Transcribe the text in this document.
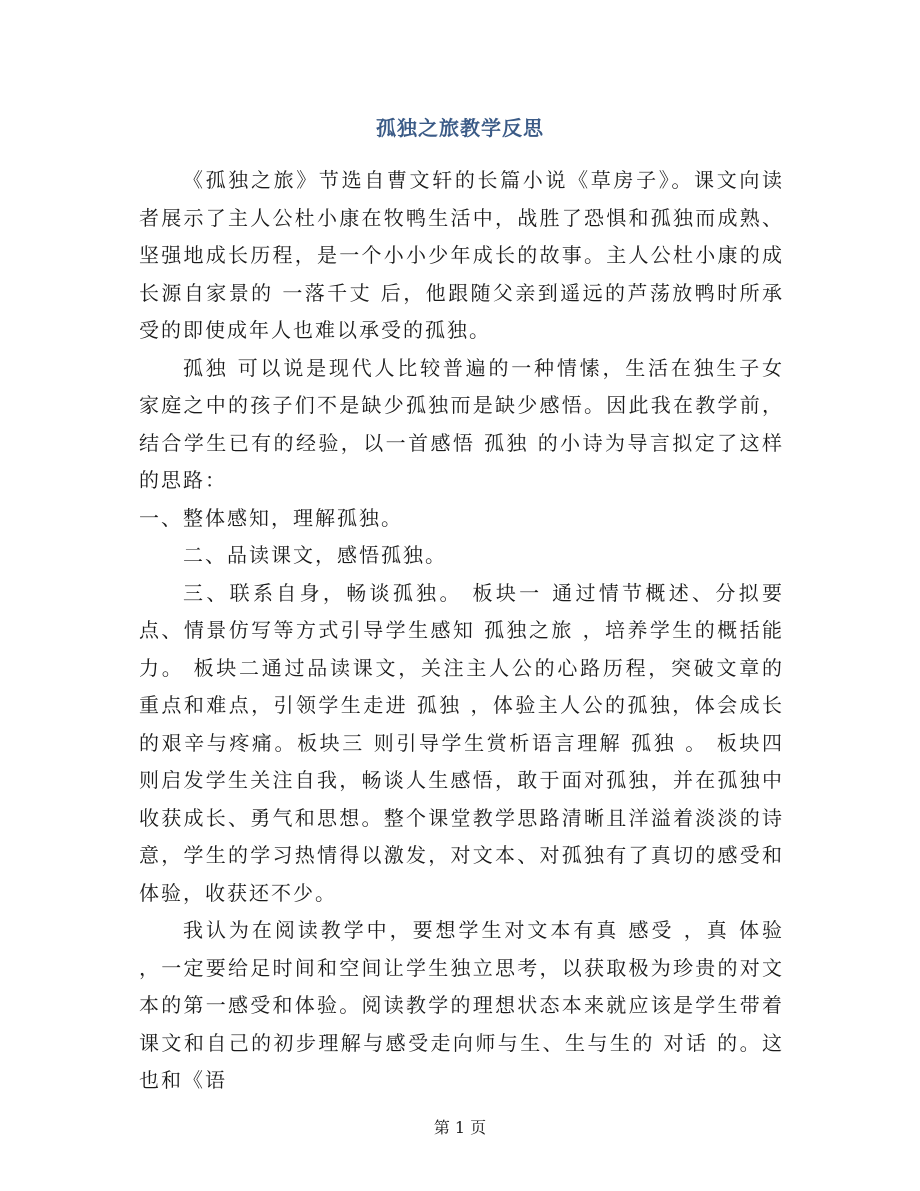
孤独之旅教学反思

《孤独之旅》节选自曹文轩的长篇小说《草房子》。课文向读者展示了主人公杜小康在牧鸭生活中，战胜了恐惧和孤独而成熟、坚强地成长历程，是一个小小少年成长的故事。主人公杜小康的成长源自家景的 一落千丈 后，他跟随父亲到遥远的芦荡放鸭时所承受的即使成年人也难以承受的孤独。

孤独 可以说是现代人比较普遍的一种情愫，生活在独生子女家庭之中的孩子们不是缺少孤独而是缺少感悟。因此我在教学前，结合学生已有的经验，以一首感悟 孤独 的小诗为导言拟定了这样的思路：

一、整体感知，理解孤独。

二、品读课文，感悟孤独。

三、联系自身，畅谈孤独。 板块一 通过情节概述、分拟要点、情景仿写等方式引导学生感知 孤独之旅 ，培养学生的概括能力。 板块二通过品读课文，关注主人公的心路历程，突破文章的重点和难点，引领学生走进 孤独 ，体验主人公的孤独，体会成长的艰辛与疼痛。板块三 则引导学生赏析语言理解 孤独 。 板块四 则启发学生关注自我，畅谈人生感悟，敢于面对孤独，并在孤独中收获成长、勇气和思想。整个课堂教学思路清晰且洋溢着淡淡的诗意，学生的学习热情得以激发，对文本、对孤独有了真切的感受和体验，收获还不少。

我认为在阅读教学中，要想学生对文本有真 感受 ，真 体验 ，一定要给足时间和空间让学生独立思考，以获取极为珍贵的对文本的第一感受和体验。阅读教学的理想状态本来就应该是学生带着课文和自己的初步理解与感受走向师与生、生与生的 对话 的。这也和《语

第 1 页
